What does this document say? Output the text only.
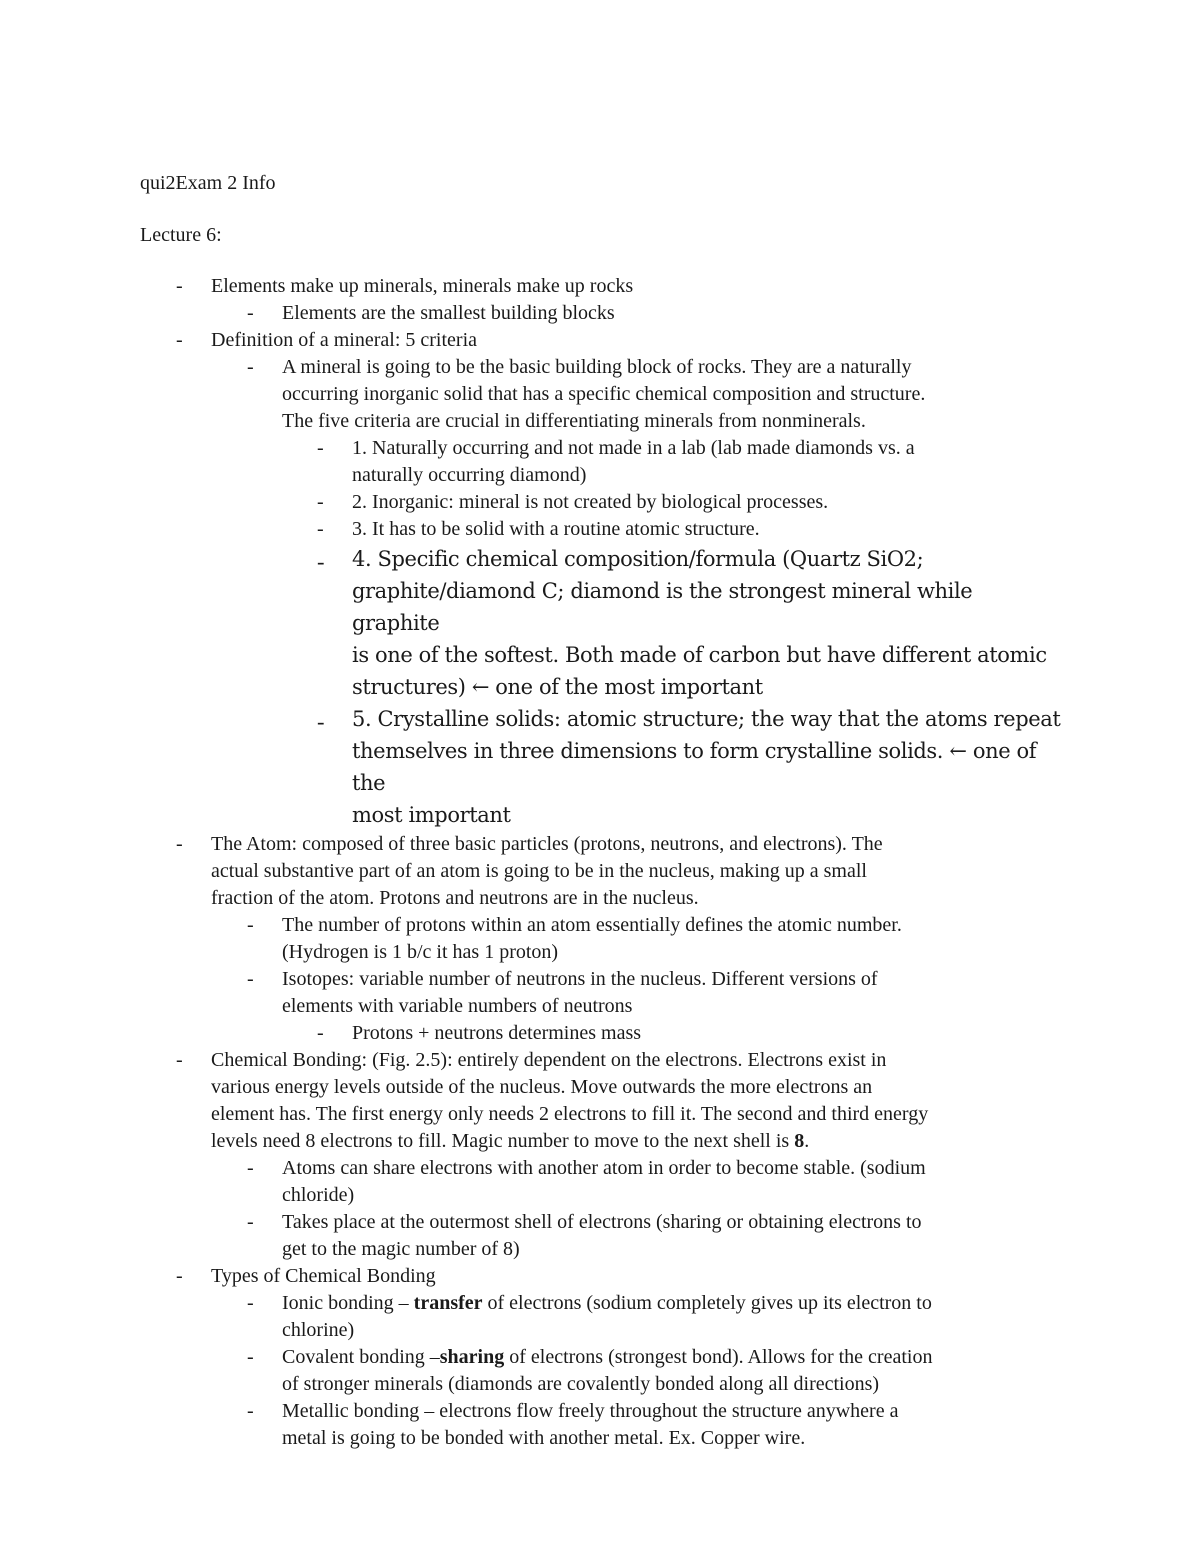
qui2Exam 2 Info

Lecture 6:

- Elements make up minerals, minerals make up rocks
- Elements are the smallest building blocks
- Definition of a mineral: 5 criteria
- A mineral is going to be the basic building block of rocks. They are a naturally
occurring inorganic solid that has a specific chemical composition and structure.
The five criteria are crucial in differentiating minerals from nonminerals.
- 1. Naturally occurring and not made in a lab (lab made diamonds vs. a
naturally occurring diamond)
- 2. Inorganic: mineral is not created by biological processes.
- 3. It has to be solid with a routine atomic structure.
- 4. Specific chemical composition/formula (Quartz SiO2;
graphite/diamond C; diamond is the strongest mineral while graphite
is one of the softest. Both made of carbon but have different atomic
structures) ← one of the most important
- 5. Crystalline solids: atomic structure; the way that the atoms repeat
themselves in three dimensions to form crystalline solids. ← one of the
most important
- The Atom: composed of three basic particles (protons, neutrons, and electrons). The
actual substantive part of an atom is going to be in the nucleus, making up a small
fraction of the atom. Protons and neutrons are in the nucleus.
- The number of protons within an atom essentially defines the atomic number.
(Hydrogen is 1 b/c it has 1 proton)
- Isotopes: variable number of neutrons in the nucleus. Different versions of
elements with variable numbers of neutrons
- Protons + neutrons determines mass
- Chemical Bonding: (Fig. 2.5): entirely dependent on the electrons. Electrons exist in
various energy levels outside of the nucleus. Move outwards the more electrons an
element has. The first energy only needs 2 electrons to fill it. The second and third energy
levels need 8 electrons to fill. Magic number to move to the next shell is 8.
- Atoms can share electrons with another atom in order to become stable. (sodium
chloride)
- Takes place at the outermost shell of electrons (sharing or obtaining electrons to
get to the magic number of 8)
- Types of Chemical Bonding
- Ionic bonding – transfer of electrons (sodium completely gives up its electron to
chlorine)
- Covalent bonding –sharing of electrons (strongest bond). Allows for the creation
of stronger minerals (diamonds are covalently bonded along all directions)
- Metallic bonding – electrons flow freely throughout the structure anywhere a
metal is going to be bonded with another metal. Ex. Copper wire.
